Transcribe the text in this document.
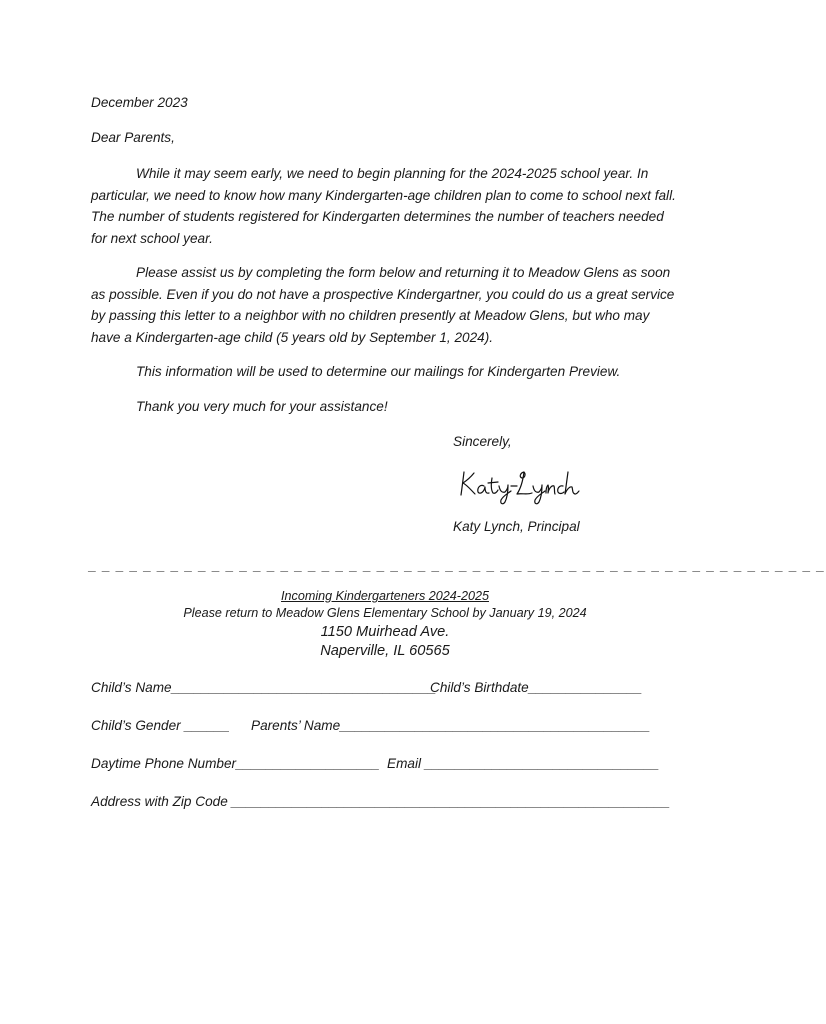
December 2023
Dear Parents,
While it may seem early, we need to begin planning for the 2024-2025 school year. In particular, we need to know how many Kindergarten-age children plan to come to school next fall. The number of students registered for Kindergarten determines the number of teachers needed for next school year.
Please assist us by completing the form below and returning it to Meadow Glens as soon as possible. Even if you do not have a prospective Kindergartner, you could do us a great service by passing this letter to a neighbor with no children presently at Meadow Glens, but who may have a Kindergarten-age child (5 years old by September 1, 2024).
This information will be used to determine our mailings for Kindergarten Preview.
Thank you very much for your assistance!
Sincerely,
Katy Lynch, Principal
_ _ _ _ _ _ _ _ _ _ _ _ _ _ _ _ _ _ _ _ _ _ _ _ _ _ _ _ _ _ _ _ _ _ _ _ _ _ _ _ _ _ _ _ _ _ _ _ _ _ _ _ _ _
Incoming Kindergarteners 2024-2025
Please return to Meadow Glens Elementary School by January 19, 2024
1150 Muirhead Ave.
Naperville, IL 60565
Child’s Name___________________________________
Child’s Birthdate_______________
Child’s Gender ______ Parents’ Name_________________________________________
Daytime Phone Number___________________ Email _______________________________
Address with Zip Code __________________________________________________________
